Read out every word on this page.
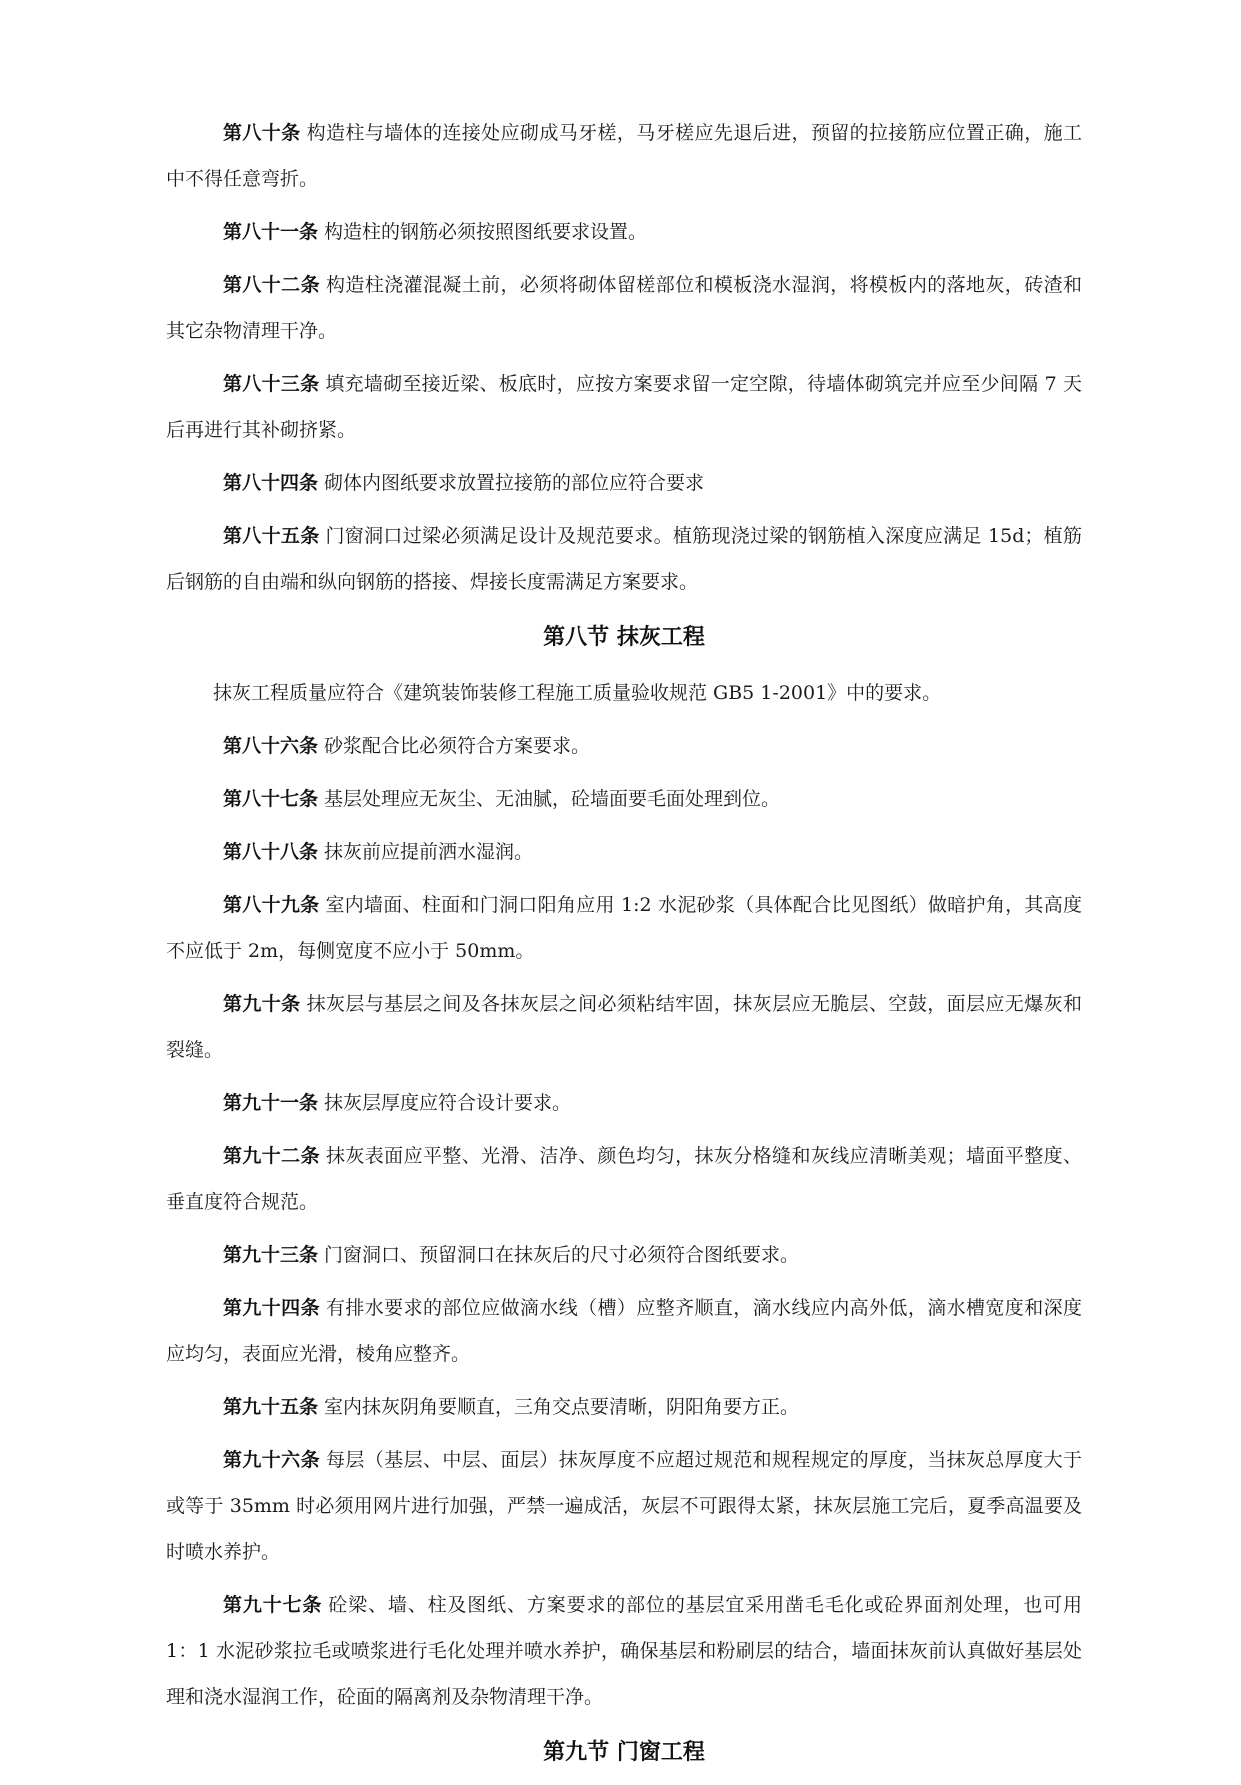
第八十条 构造柱与墙体的连接处应砌成马牙槎，马牙槎应先退后进，预留的拉接筋应位置正确，施工中不得任意弯折。

第八十一条 构造柱的钢筋必须按照图纸要求设置。

第八十二条 构造柱浇灌混凝土前，必须将砌体留槎部位和模板浇水湿润，将模板内的落地灰，砖渣和其它杂物清理干净。

第八十三条 填充墙砌至接近梁、板底时，应按方案要求留一定空隙，待墙体砌筑完并应至少间隔 7 天后再进行其补砌挤紧。

第八十四条 砌体内图纸要求放置拉接筋的部位应符合要求

第八十五条 门窗洞口过梁必须满足设计及规范要求。植筋现浇过梁的钢筋植入深度应满足 15d；植筋后钢筋的自由端和纵向钢筋的搭接、焊接长度需满足方案要求。

第八节 抹灰工程

抹灰工程质量应符合《建筑装饰装修工程施工质量验收规范 GB5 1-2001》中的要求。

第八十六条 砂浆配合比必须符合方案要求。

第八十七条 基层处理应无灰尘、无油腻，砼墙面要毛面处理到位。

第八十八条 抹灰前应提前洒水湿润。

第八十九条 室内墙面、柱面和门洞口阳角应用 1:2 水泥砂浆（具体配合比见图纸）做暗护角，其高度不应低于 2m，每侧宽度不应小于 50mm。

第九十条 抹灰层与基层之间及各抹灰层之间必须粘结牢固，抹灰层应无脆层、空鼓，面层应无爆灰和裂缝。

第九十一条 抹灰层厚度应符合设计要求。

第九十二条 抹灰表面应平整、光滑、洁净、颜色均匀，抹灰分格缝和灰线应清晰美观；墙面平整度、垂直度符合规范。

第九十三条 门窗洞口、预留洞口在抹灰后的尺寸必须符合图纸要求。

第九十四条 有排水要求的部位应做滴水线（槽）应整齐顺直，滴水线应内高外低，滴水槽宽度和深度应均匀，表面应光滑，棱角应整齐。

第九十五条 室内抹灰阴角要顺直，三角交点要清晰，阴阳角要方正。

第九十六条 每层（基层、中层、面层）抹灰厚度不应超过规范和规程规定的厚度，当抹灰总厚度大于或等于 35mm 时必须用网片进行加强，严禁一遍成活，灰层不可跟得太紧，抹灰层施工完后，夏季高温要及时喷水养护。

第九十七条 砼梁、墙、柱及图纸、方案要求的部位的基层宜采用凿毛毛化或砼界面剂处理，也可用 1：1 水泥砂浆拉毛或喷浆进行毛化处理并喷水养护，确保基层和粉刷层的结合，墙面抹灰前认真做好基层处理和浇水湿润工作，砼面的隔离剂及杂物清理干净。

第九节 门窗工程
